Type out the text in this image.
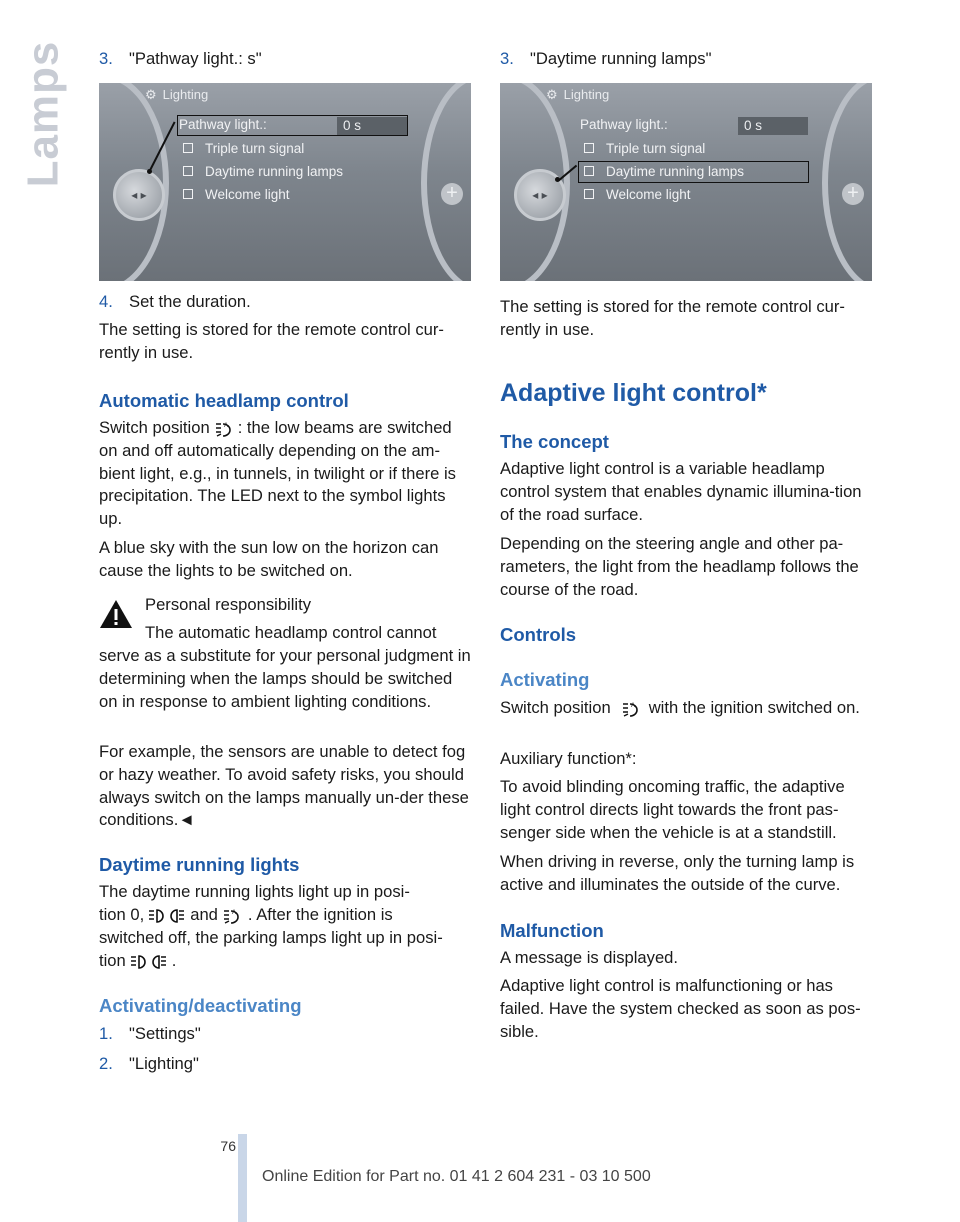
Lamps 3. "Pathway light.: s"
◂ ▸	+
⚙ Lighting
Pathway light.:	0 s
Triple turn signal
Daytime running lamps
Welcome light
4. Set the duration.

The setting is stored for the remote control cur-rently in use.

Automatic headlamp control

Switch position A : the low beams are switched on and off automatically depending on the am-bient light, e.g., in tunnels, in twilight or if there is precipitation. The LED next to the symbol lights up.

A blue sky with the sun low on the horizon can cause the lights to be switched on.

Personal responsibility

The automatic headlamp control cannot

serve as a substitute for your personal judgment in determining when the lamps should be switched on in response to ambient lighting conditions.

For example, the sensors are unable to detect fog or hazy weather. To avoid safety risks, you should always switch on the lamps manually un-der these conditions.◄

Daytime running lights

The daytime running lights light up in posi-

tion 0,	and A . After the ignition is

switched off, the parking lamps light up in posi-

tion	.

Activating/deactivating
1. "Settings"
2. "Lighting"
3. "Daytime running lamps"
◂ ▸	+
⚙ Lighting
Pathway light.:	0 s
Triple turn signal
Daytime running lamps
Welcome light

The setting is stored for the remote control cur-rently in use.

Adaptive light control*
The concept

Adaptive light control is a variable headlamp control system that enables dynamic illumina-tion of the road surface.

Depending on the steering angle and other pa-rameters, the light from the headlamp follows the course of the road.

Controls
Activating

Switch position	A with the ignition switched on.

Auxiliary function*:

To avoid blinding oncoming traffic, the adaptive light control directs light towards the front pas-senger side when the vehicle is at a standstill.

When driving in reverse, only the turning lamp is active and illuminates the outside of the curve.

Malfunction

A message is displayed.

Adaptive light control is malfunctioning or has failed. Have the system checked as soon as pos-sible.

76
Online Edition for Part no. 01 41 2 604 231 - 03 10 500
